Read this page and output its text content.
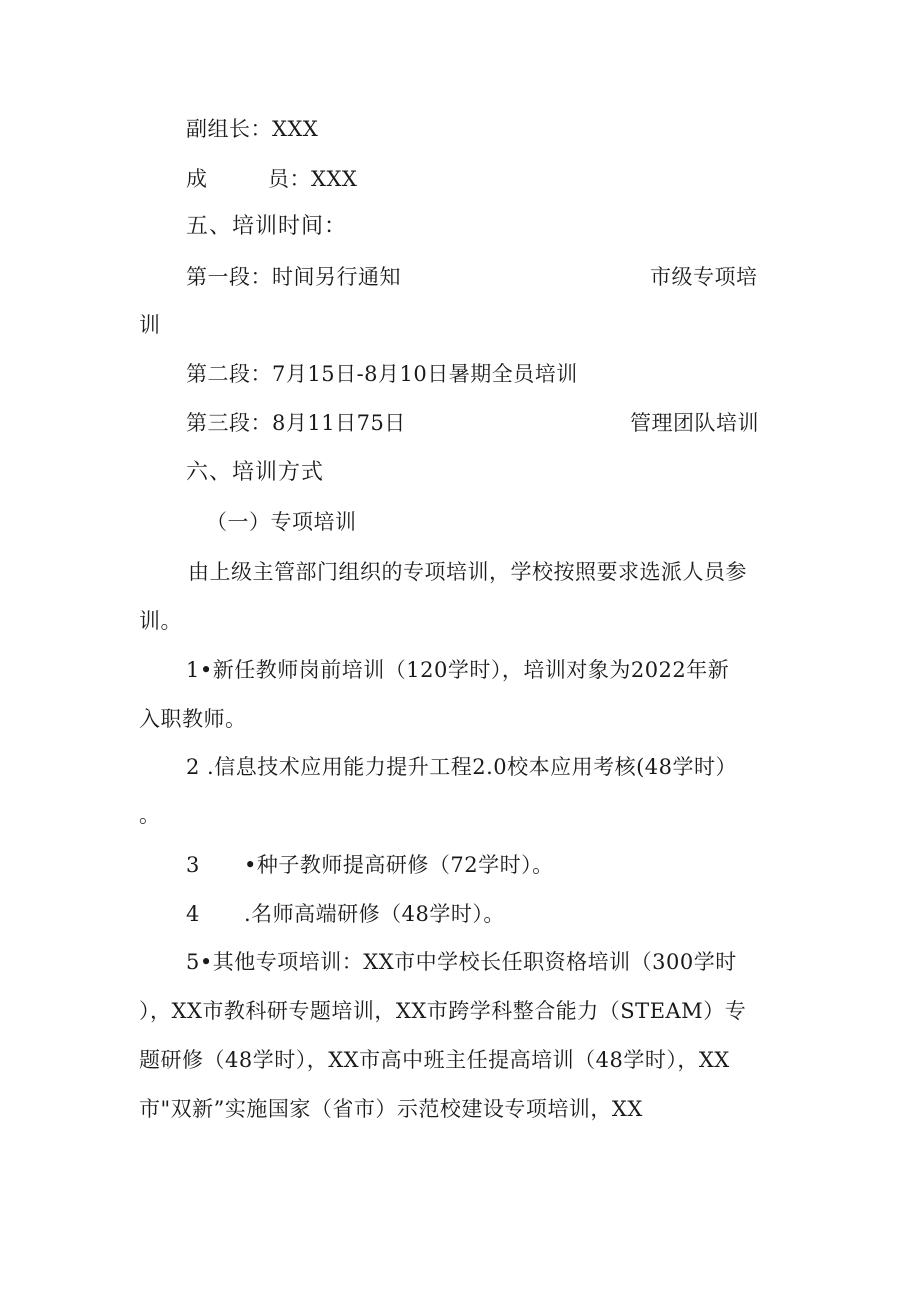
副组长：XXX
成	员：XXX
五、培训时间：
第一段：时间另行通知	市级专项培
训
第二段：7月15日-8月10日暑期全员培训
第三段：8月11日75日	管理团队培训
六、培训方式
（一）专项培训
由上级主管部门组织的专项培训，学校按照要求选派人员参
训。
1•新任教师岗前培训（120学时），培训对象为2022年新
入职教师。
2 .信息技术应用能力提升工程2.0校本应用考核(48学时）
。
3 •种子教师提高研修（72学时）。
4 .名师高端研修（48学时）。
5•其他专项培训：XX市中学校长任职资格培训（300学时
），XX市教科研专题培训，XX市跨学科整合能力（STEAM）专
题研修（48学时），XX市高中班主任提高培训（48学时），XX
市"双新”实施国家（省市）示范校建设专项培训，XX
